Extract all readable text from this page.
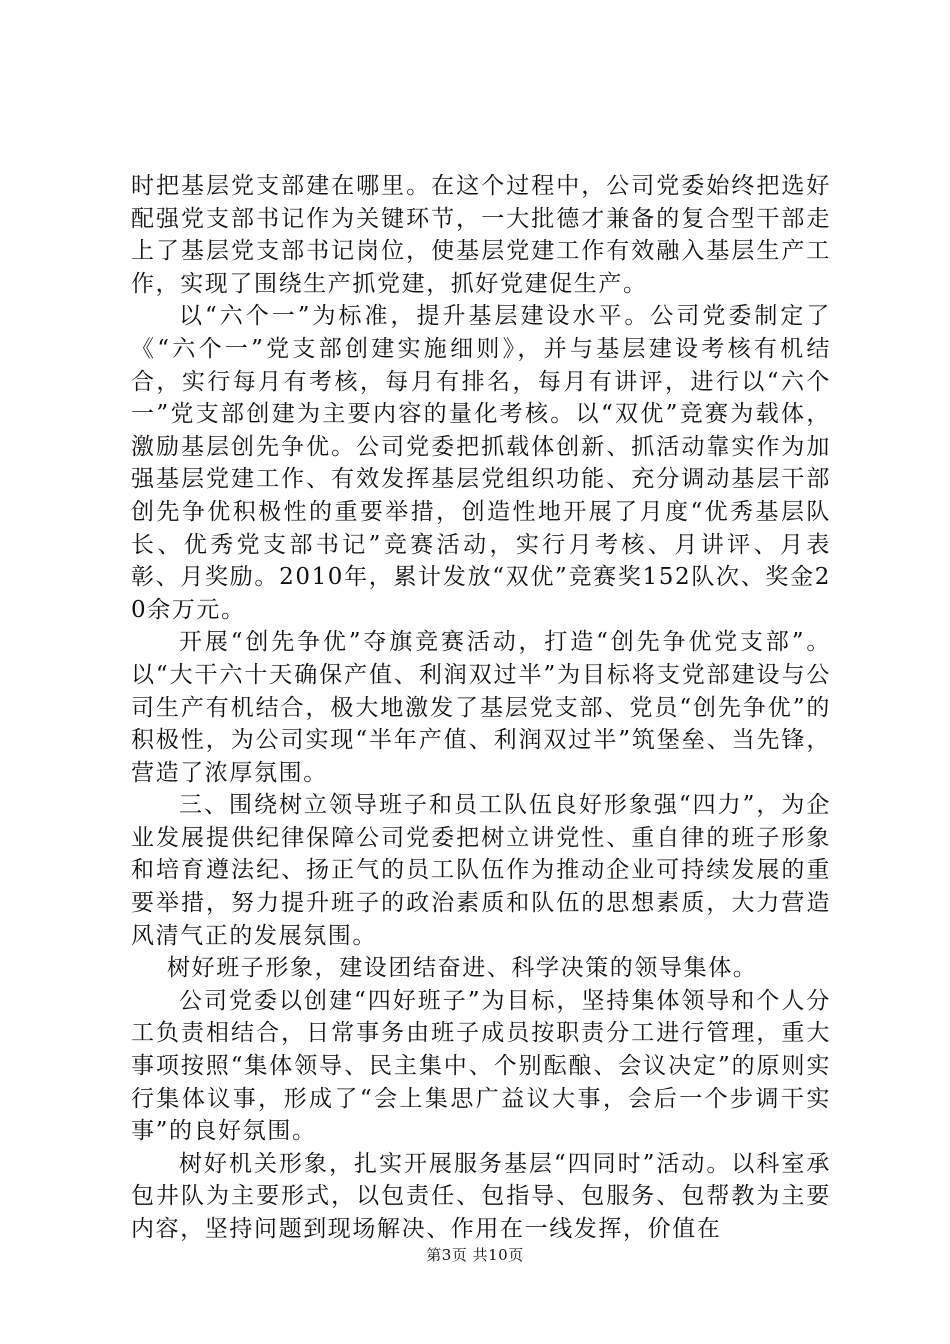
时把基层党支部建在哪里。在这个过程中，公司党委始终把选好配强党支部书记作为关键环节，一大批德才兼备的复合型干部走上了基层党支部书记岗位，使基层党建工作有效融入基层生产工作，实现了围绕生产抓党建，抓好党建促生产。

以“六个一”为标准，提升基层建设水平。公司党委制定了《“六个一”党支部创建实施细则》，并与基层建设考核有机结合，实行每月有考核，每月有排名，每月有讲评，进行以“六个一”党支部创建为主要内容的量化考核。以“双优”竞赛为载体，激励基层创先争优。公司党委把抓载体创新、抓活动靠实作为加强基层党建工作、有效发挥基层党组织功能、充分调动基层干部创先争优积极性的重要举措，创造性地开展了月度“优秀基层队长、优秀党支部书记”竞赛活动，实行月考核、月讲评、月表彰、月奖励。2010年，累计发放“双优”竞赛奖152队次、奖金20余万元。

开展“创先争优”夺旗竞赛活动，打造“创先争优党支部”。以“大干六十天确保产值、利润双过半”为目标将支党部建设与公司生产有机结合，极大地激发了基层党支部、党员“创先争优”的积极性，为公司实现“半年产值、利润双过半”筑堡垒、当先锋，营造了浓厚氛围。

三、围绕树立领导班子和员工队伍良好形象强“四力”，为企业发展提供纪律保障公司党委把树立讲党性、重自律的班子形象和培育遵法纪、扬正气的员工队伍作为推动企业可持续发展的重要举措，努力提升班子的政治素质和队伍的思想素质，大力营造风清气正的发展氛围。

树好班子形象，建设团结奋进、科学决策的领导集体。

公司党委以创建“四好班子”为目标，坚持集体领导和个人分工负责相结合，日常事务由班子成员按职责分工进行管理，重大事项按照“集体领导、民主集中、个别酝酿、会议决定”的原则实行集体议事，形成了“会上集思广益议大事，会后一个步调干实事”的良好氛围。

树好机关形象，扎实开展服务基层“四同时”活动。以科室承包井队为主要形式，以包责任、包指导、包服务、包帮教为主要内容，坚持问题到现场解决、作用在一线发挥，价值在

第3页 共10页
